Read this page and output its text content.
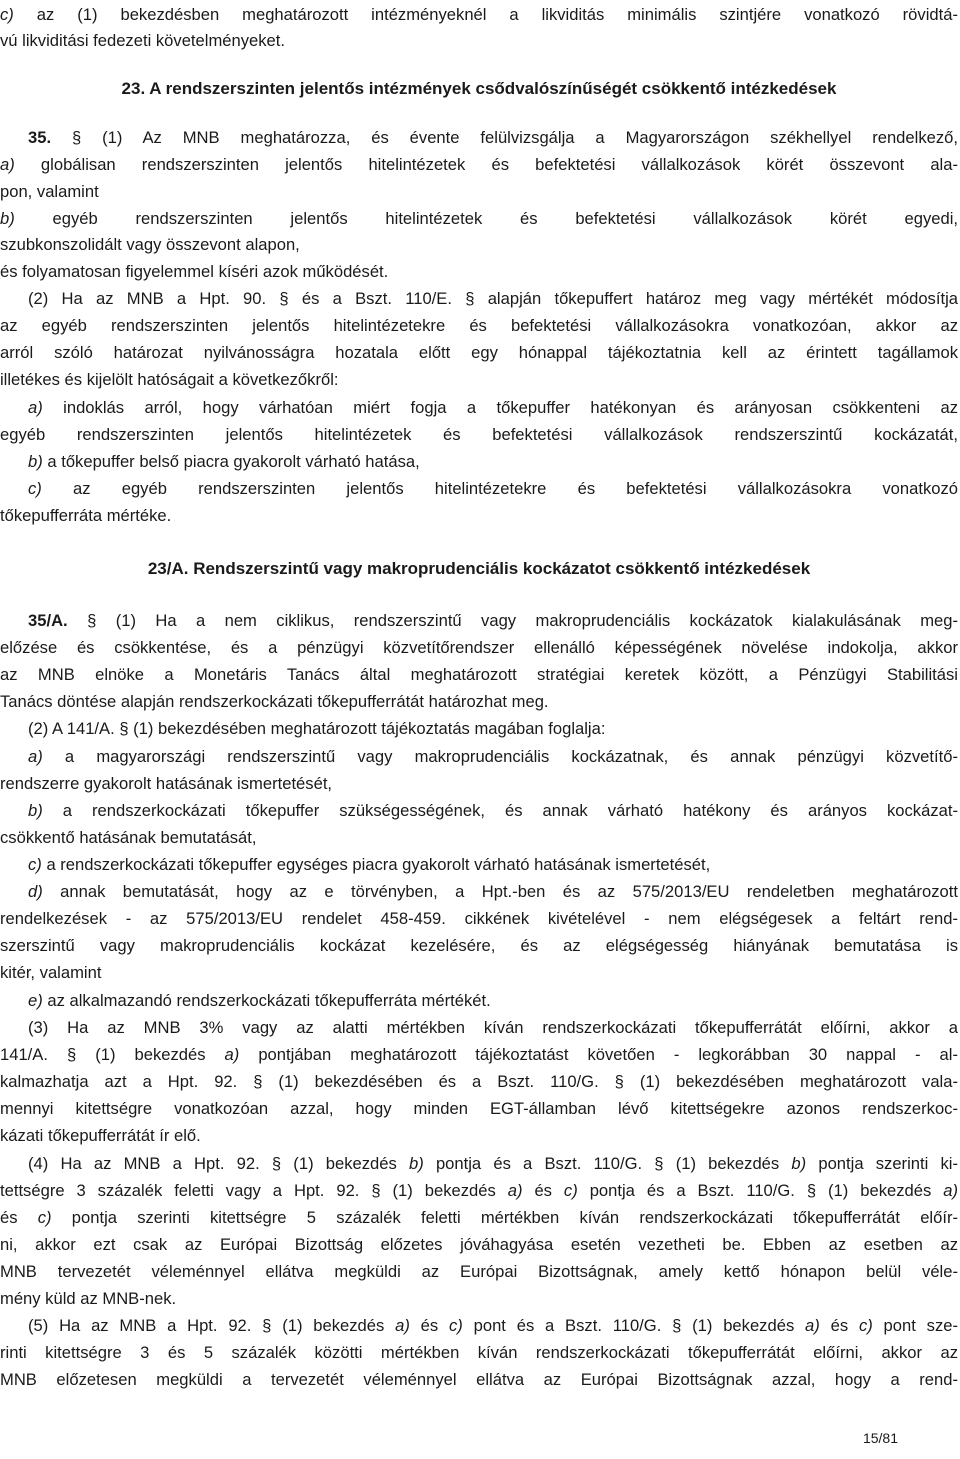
c) az (1) bekezdésben meghatározott intézményeknél a likviditás minimális szintjére vonatkozó rövidtá-
vú likviditási fedezeti követelményeket.
23. A rendszerszinten jelentős intézmények csődvalószínűségét csökkentő intézkedések
35. § (1) Az MNB meghatározza, és évente felülvizsgálja a Magyarországon székhellyel rendelkező,
a) globálisan rendszerszinten jelentős hitelintézetek és befektetési vállalkozások körét összevont ala-
pon, valamint
b) egyéb rendszerszinten jelentős hitelintézetek és befektetési vállalkozások körét egyedi,
szubkonszolidált vagy összevont alapon,
és folyamatosan figyelemmel kíséri azok működését.
(2) Ha az MNB a Hpt. 90. § és a Bszt. 110/E. § alapján tőkepuffert határoz meg vagy mértékét módosítja
az egyéb rendszerszinten jelentős hitelintézetekre és befektetési vállalkozásokra vonatkozóan, akkor az
arról szóló határozat nyilvánosságra hozatala előtt egy hónappal tájékoztatnia kell az érintett tagállamok
illetékes és kijelölt hatóságait a következőkről:
a) indoklás arról, hogy várhatóan miért fogja a tőkepuffer hatékonyan és arányosan csökkenteni az
egyéb rendszerszinten jelentős hitelintézetek és befektetési vállalkozások rendszerszintű kockázatát,
b) a tőkepuffer belső piacra gyakorolt várható hatása,
c) az egyéb rendszerszinten jelentős hitelintézetekre és befektetési vállalkozásokra vonatkozó
tőkepufferráta mértéke.
23/A. Rendszerszintű vagy makroprudenciális kockázatot csökkentő intézkedések
35/A. § (1) Ha a nem ciklikus, rendszerszintű vagy makroprudenciális kockázatok kialakulásának meg-
előzése és csökkentése, és a pénzügyi közvetítőrendszer ellenálló képességének növelése indokolja, akkor
az MNB elnöke a Monetáris Tanács által meghatározott stratégiai keretek között, a Pénzügyi Stabilitási
Tanács döntése alapján rendszerkockázati tőkepufferrátát határozhat meg.
(2) A 141/A. § (1) bekezdésében meghatározott tájékoztatás magában foglalja:
a) a magyarországi rendszerszintű vagy makroprudenciális kockázatnak, és annak pénzügyi közvetítő-
rendszerre gyakorolt hatásának ismertetését,
b) a rendszerkockázati tőkepuffer szükségességének, és annak várható hatékony és arányos kockázat-
csökkentő hatásának bemutatását,
c) a rendszerkockázati tőkepuffer egységes piacra gyakorolt várható hatásának ismertetését,
d) annak bemutatását, hogy az e törvényben, a Hpt.-ben és az 575/2013/EU rendeletben meghatározott
rendelkezések - az 575/2013/EU rendelet 458-459. cikkének kivételével - nem elégségesek a feltárt rend-
szerszintű vagy makroprudenciális kockázat kezelésére, és az elégségesség hiányának bemutatása is
kitér, valamint
e) az alkalmazandó rendszerkockázati tőkepufferráta mértékét.
(3) Ha az MNB 3% vagy az alatti mértékben kíván rendszerkockázati tőkepufferrátát előírni, akkor a
141/A. § (1) bekezdés a) pontjában meghatározott tájékoztatást követően - legkorábban 30 nappal - al-
kalmazhatja azt a Hpt. 92. § (1) bekezdésében és a Bszt. 110/G. § (1) bekezdésében meghatározott vala-
mennyi kitettségre vonatkozóan azzal, hogy minden EGT-államban lévő kitettségekre azonos rendszerkoc-
kázati tőkepufferrátát ír elő.
(4) Ha az MNB a Hpt. 92. § (1) bekezdés b) pontja és a Bszt. 110/G. § (1) bekezdés b) pontja szerinti ki-
tettségre 3 százalék feletti vagy a Hpt. 92. § (1) bekezdés a) és c) pontja és a Bszt. 110/G. § (1) bekezdés a)
és c) pontja szerinti kitettségre 5 százalék feletti mértékben kíván rendszerkockázati tőkepufferrátát előír-
ni, akkor ezt csak az Európai Bizottság előzetes jóváhagyása esetén vezetheti be. Ebben az esetben az
MNB tervezetét véleménnyel ellátva megküldi az Európai Bizottságnak, amely kettő hónapon belül véle-
mény küld az MNB-nek.
(5) Ha az MNB a Hpt. 92. § (1) bekezdés a) és c) pont és a Bszt. 110/G. § (1) bekezdés a) és c) pont sze-
rinti kitettségre 3 és 5 százalék közötti mértékben kíván rendszerkockázati tőkepufferrátát előírni, akkor az
MNB előzetesen megküldi a tervezetét véleménnyel ellátva az Európai Bizottságnak azzal, hogy a rend-
15/81
